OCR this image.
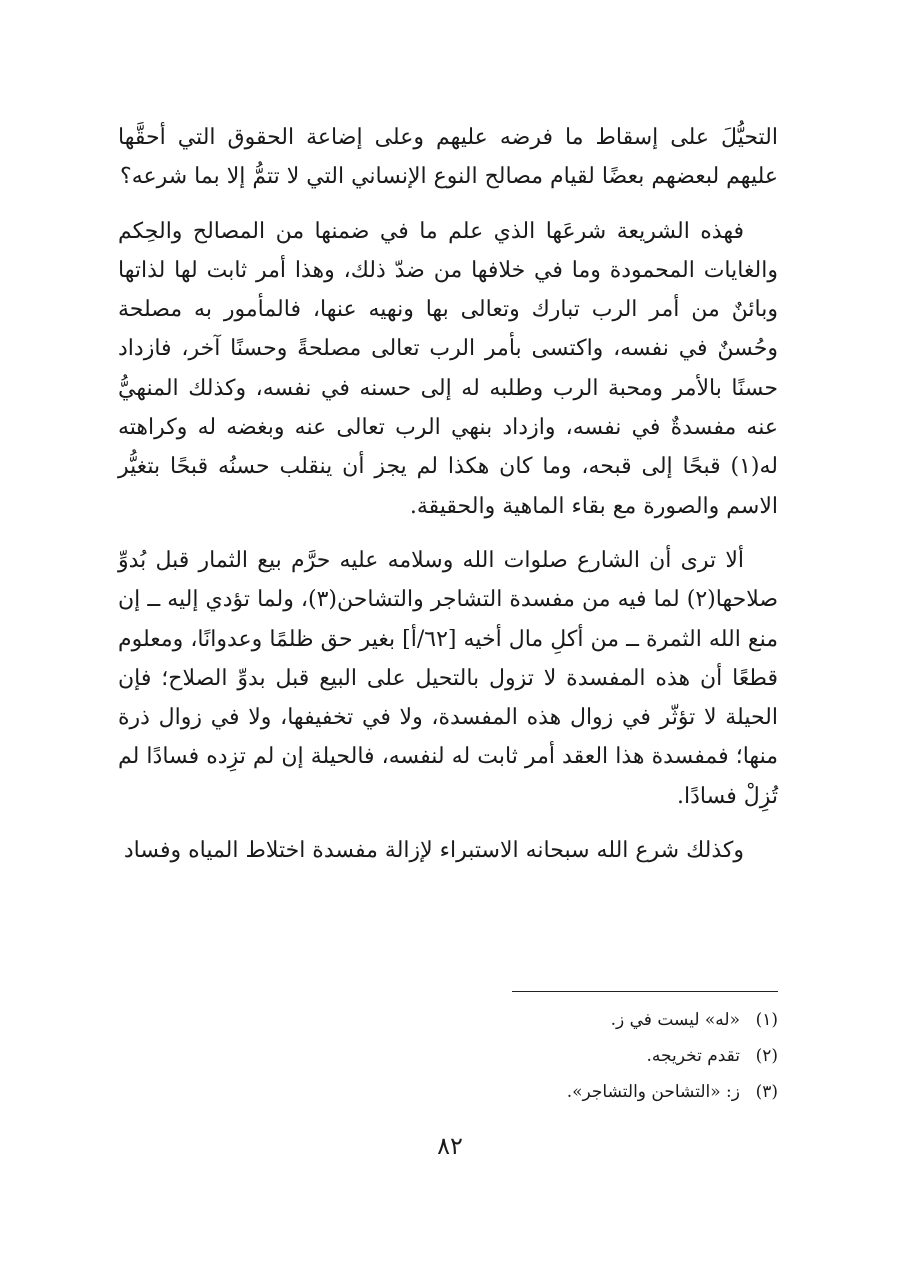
التحيُّلَ على إسقاط ما فرضه عليهم وعلى إضاعة الحقوق التي أحقَّها عليهم لبعضهم بعضًا لقيام مصالح النوع الإنساني التي لا تتمُّ إلا بما شرعه؟

فهذه الشريعة شرعَها الذي علم ما في ضمنها من المصالح والحِكم والغايات المحمودة وما في خلافها من ضدّ ذلك، وهذا أمر ثابت لها لذاتها وبائنٌ من أمر الرب تبارك وتعالى بها ونهيه عنها، فالمأمور به مصلحة وحُسنٌ في نفسه، واكتسى بأمر الرب تعالى مصلحةً وحسنًا آخر، فازداد حسنًا بالأمر ومحبة الرب وطلبه له إلى حسنه في نفسه، وكذلك المنهيُّ عنه مفسدةٌ في نفسه، وازداد بنهي الرب تعالى عنه وبغضه له وكراهته له(١) قبحًا إلى قبحه، وما كان هكذا لم يجز أن ينقلب حسنُه قبحًا بتغيُّر الاسم والصورة مع بقاء الماهية والحقيقة.

ألا ترى أن الشارع صلوات الله وسلامه عليه حرَّم بيع الثمار قبل بُدوِّ صلاحها(٢) لما فيه من مفسدة التشاجر والتشاحن(٣)، ولما تؤدي إليه ــ إن منع الله الثمرة ــ من أكلِ مال أخيه [٦٢/أ] بغير حق ظلمًا وعدوانًا، ومعلوم قطعًا أن هذه المفسدة لا تزول بالتحيل على البيع قبل بدوِّ الصلاح؛ فإن الحيلة لا تؤثّر في زوال هذه المفسدة، ولا في تخفيفها، ولا في زوال ذرة منها؛ فمفسدة هذا العقد أمر ثابت له لنفسه، فالحيلة إن لم تزِده فسادًا لم تُزِلْ فسادًا.

وكذلك شرع الله سبحانه الاستبراء لإزالة مفسدة اختلاط المياه وفساد

(١)«له» ليست في ز.

(٢)تقدم تخريجه.

(٣)ز: «التشاحن والتشاجر».

٨٢
